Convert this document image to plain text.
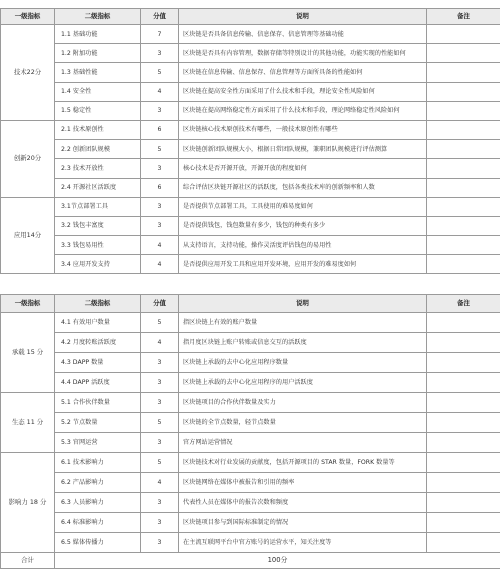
一级指标	二级指标	分值	说明	备注
技术22分	1.1 基础功能	7	区块链是否具备信息传输、信息保存、信息管理等基础功能	
	1.2 附加功能	3	区块链是否具有内容管理，数据存储等特别设计的其他功能，功能实现的性能如何	
	1.3 基础性能	5	区块链在信息传输、信息保存、信息管理等方面所具备的性能如何	
	1.4 安全性	4	区块链在提高安全性方面采用了什么技术和手段，理论安全性风险如何	
	1.5 稳定性	3	区块链在提高网络稳定性方面采用了什么技术和手段，理论网络稳定性风险如何	
创新20分	2.1 技术原创性	6	区块链核心技术原创技术有哪些，一般技术原创性有哪些	
	2.2 创新团队规模	5	区块链创新团队规模大小，根据日常团队规模，兼职团队规模进行评估测算	
	2.3 技术开放性	3	核心技术是否开源开放，开源开放的程度如何	
	2.4 开源社区活跃度	6	综合评估区块链开源社区的活跃度，包括各类技术库的创新频率和人数	
应用14分	3.1节点部署工具	3	是否提供节点部署工具，工具使用的难易度如何	
	3.2 钱包丰富度	3	是否提供钱包，钱包数量有多少，钱包的种类有多少	
	3.3 钱包易用性	4	从支持语言，支持功能，操作灵活度评估钱包的易用性	
	3.4 应用开发支持	4	是否提供应用开发工具和应用开发环境，应用开发的难易度如何	
一级指标	二级指标	分值	说明	备注
承载 15 分	4.1 有效用户数量	5	指区块链上有效的账户数量	
	4.2 月度转账活跃度	4	指月度区块链上账户转账或信息交互的活跃度	
	4.3 DAPP 数量	3	区块链上承载的去中心化应用程序数量	
	4.4 DAPP 活跃度	3	区块链上承载的去中心化应用程序的用户活跃度	
生态 11 分	5.1 合作伙伴数量	3	区块链项目的合作伙伴数量及实力	
	5.2 节点数量	5	区块链的全节点数量，轻节点数量	
	5.3 官网运营	3	官方网站运营情况	
影响力 18 分	6.1 技术影响力	5	区块链技术对行业发展的贡献度，包括开源项目的 STAR 数量，FORK 数量等	
	6.2 产品影响力	4	区块链网络在媒体中被报告和引用的频率	
	6.3 人员影响力	3	代表性人员在媒体中的报告次数和频度	
	6.4 标准影响力	3	区块链项目参与到国际标准制定的情况	
	6.5 媒体传播力	3	在主流互联网平台中官方账号的运营水平，知关注度等	
合计	100分			
